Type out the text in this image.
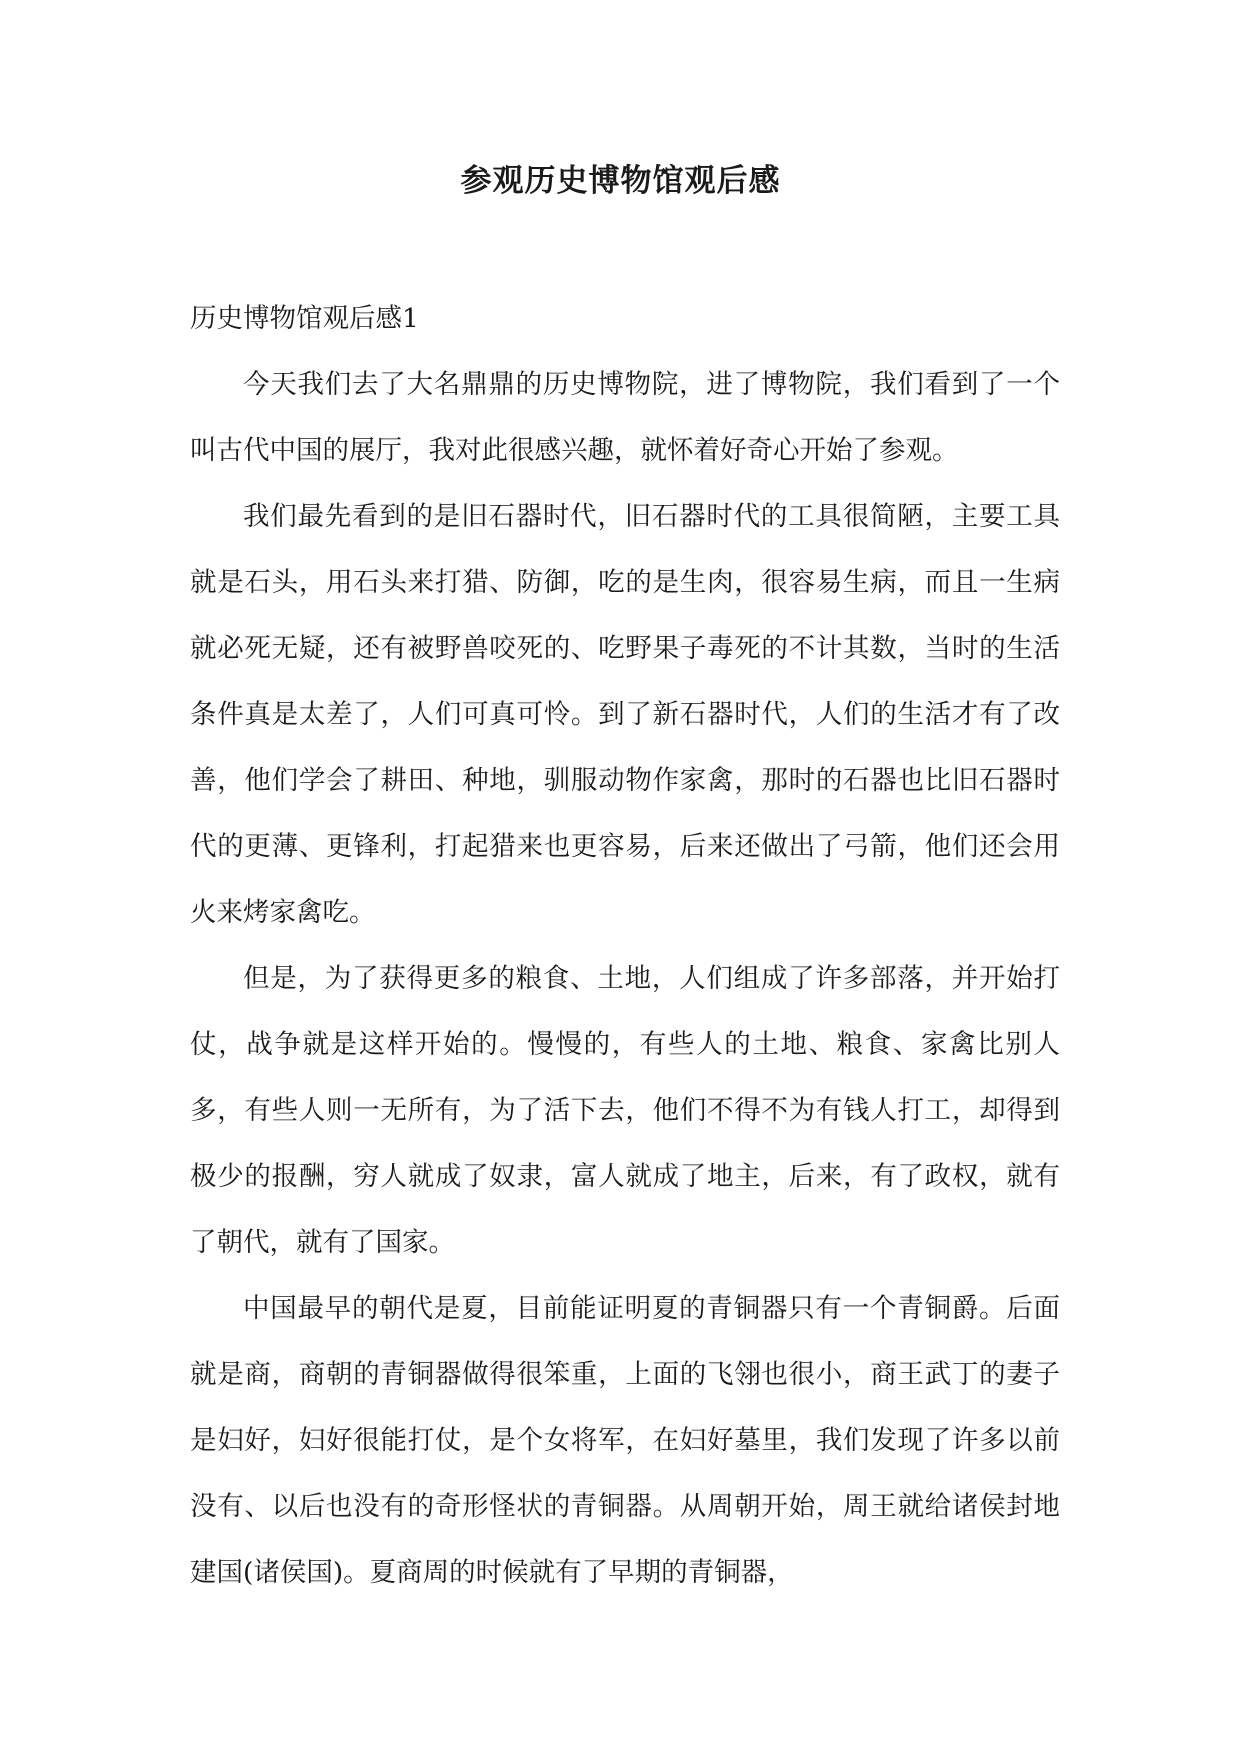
参观历史博物馆观后感
历史博物馆观后感1

今天我们去了大名鼎鼎的历史博物院，进了博物院，我们看到了一个叫古代中国的展厅，我对此很感兴趣，就怀着好奇心开始了参观。

我们最先看到的是旧石器时代，旧石器时代的工具很简陋，主要工具就是石头，用石头来打猎、防御，吃的是生肉，很容易生病，而且一生病就必死无疑，还有被野兽咬死的、吃野果子毒死的不计其数，当时的生活条件真是太差了，人们可真可怜。到了新石器时代，人们的生活才有了改善，他们学会了耕田、种地，驯服动物作家禽，那时的石器也比旧石器时代的更薄、更锋利，打起猎来也更容易，后来还做出了弓箭，他们还会用火来烤家禽吃。

但是，为了获得更多的粮食、土地，人们组成了许多部落，并开始打仗，战争就是这样开始的。慢慢的，有些人的土地、粮食、家禽比别人多，有些人则一无所有，为了活下去，他们不得不为有钱人打工，却得到极少的报酬，穷人就成了奴隶，富人就成了地主，后来，有了政权，就有了朝代，就有了国家。

中国最早的朝代是夏，目前能证明夏的青铜器只有一个青铜爵。后面就是商，商朝的青铜器做得很笨重，上面的飞翎也很小，商王武丁的妻子是妇好，妇好很能打仗，是个女将军，在妇好墓里，我们发现了许多以前没有、以后也没有的奇形怪状的青铜器。从周朝开始，周王就给诸侯封地建国(诸侯国)。夏商周的时候就有了早期的青铜器，
